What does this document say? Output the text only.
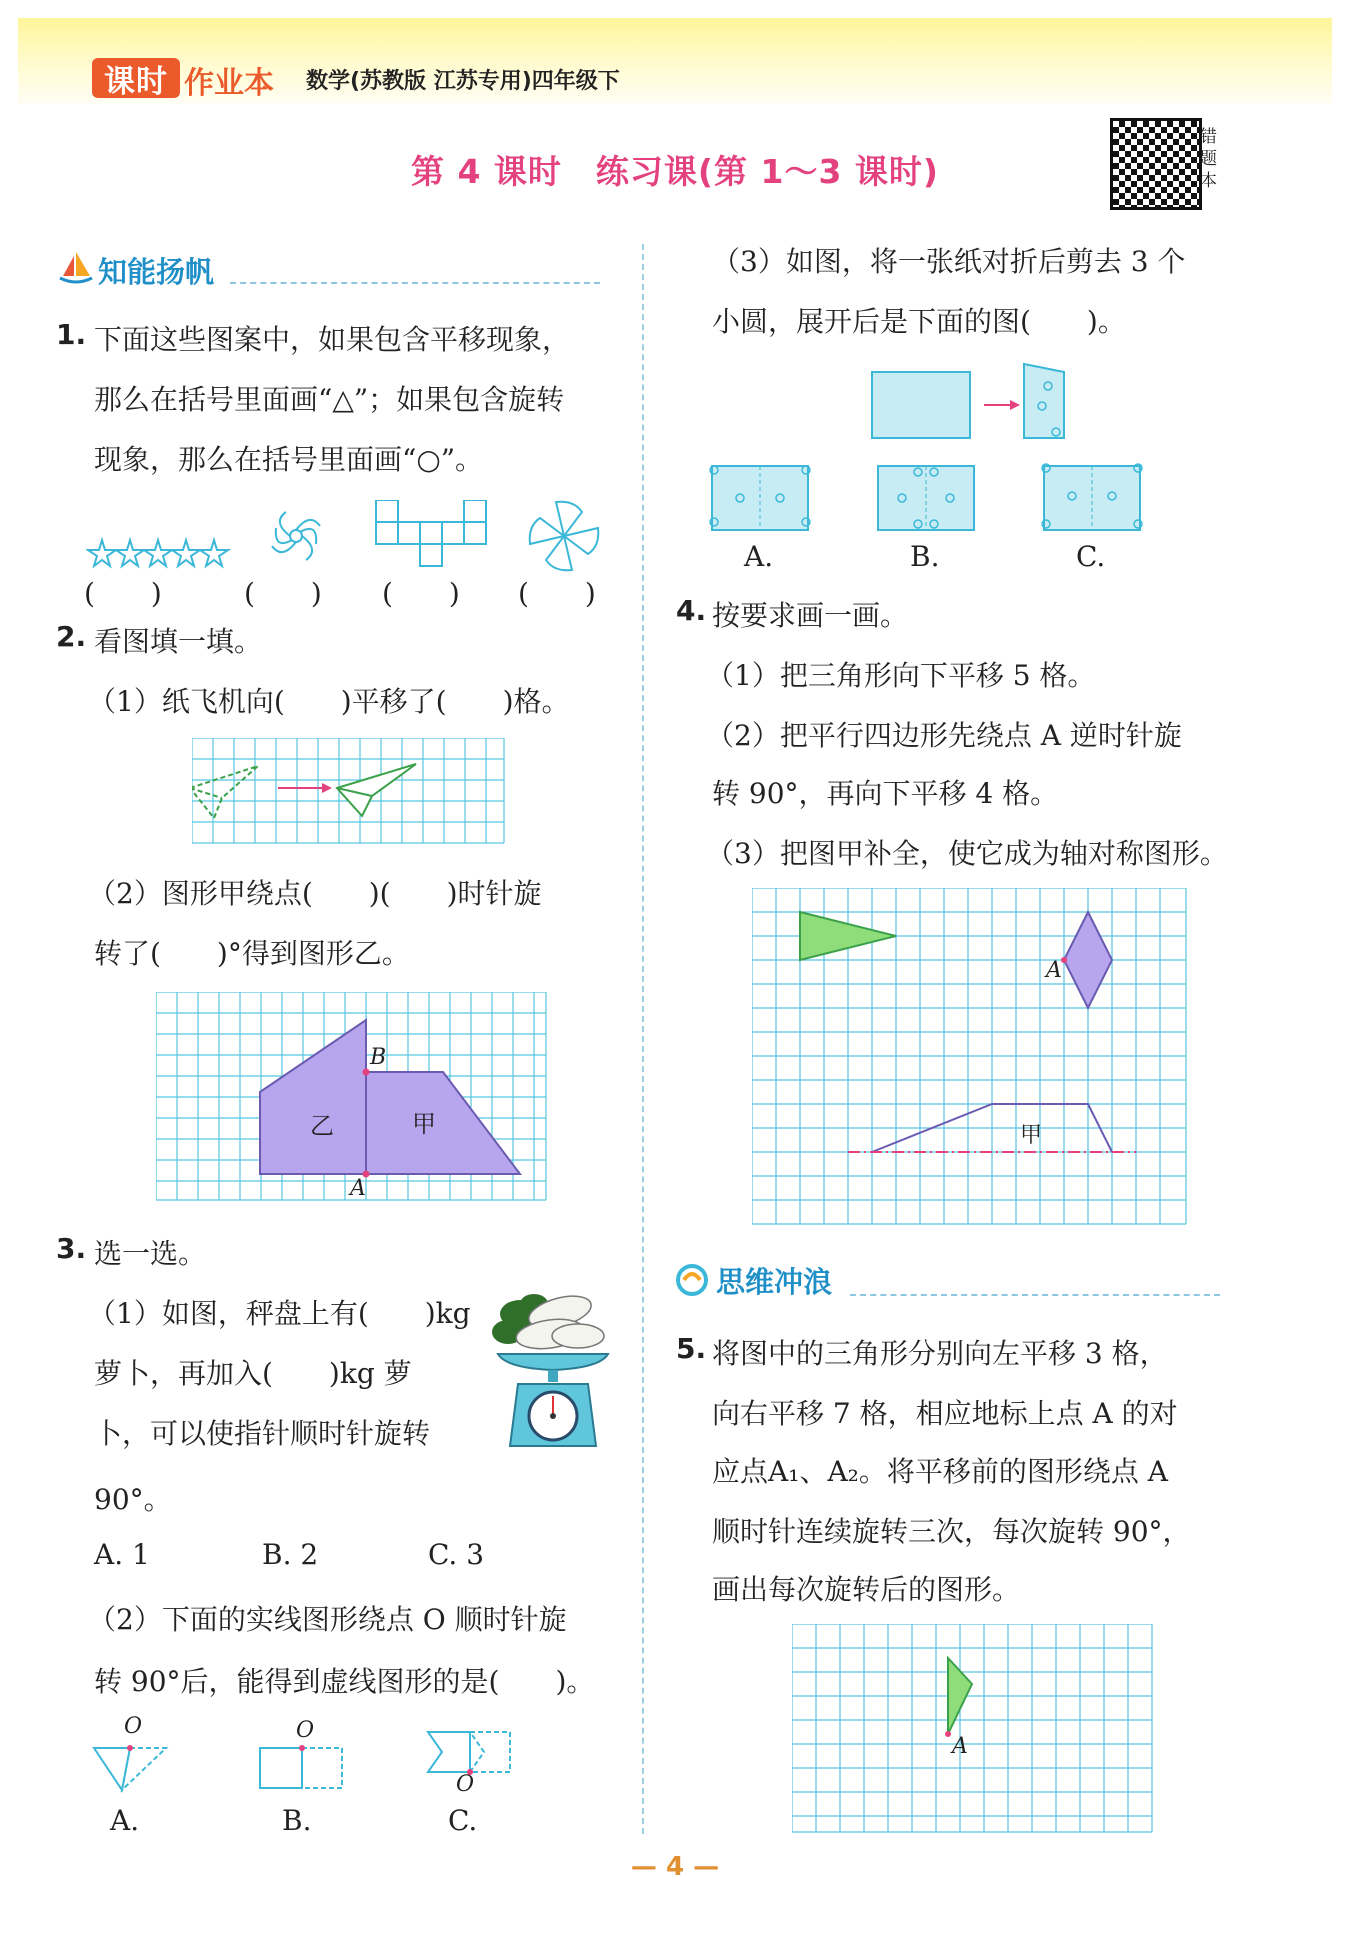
课时 作业本 数学(苏教版 江苏专用)四年级下
第 4 课时　练习课(第 1～3 课时)
错题本
知能扬帆
1. 下面这些图案中，如果包含平移现象，
那么在括号里面画“△”；如果包含旋转
现象，那么在括号里面画“○”。
(　　)	(　　) (　　) (　　)
2. 看图填一填。
（1）纸飞机向(　　)平移了(　　)格。
（2）图形甲绕点(　　)(　　)时针旋
转了(　　)°得到图形乙。
B
A
乙	甲
3. 选一选。
（1）如图，秤盘上有(　　)kg
萝卜，再加入(　　)kg 萝
卜，可以使指针顺时针旋转
90°。
A. 1	B. 2	C. 3
（2）下面的实线图形绕点 O 顺时针旋
转 90°后，能得到虚线图形的是(　　)。
O	O
O
A.	B.	C.
（3）如图，将一张纸对折后剪去 3 个
小圆，展开后是下面的图(　　)。
A.	B.	C.
4. 按要求画一画。
（1）把三角形向下平移 5 格。
（2）把平行四边形先绕点 A 逆时针旋
转 90°，再向下平移 4 格。
（3）把图甲补全，使它成为轴对称图形。
A
甲
思维冲浪
5. 将图中的三角形分别向左平移 3 格，
向右平移 7 格，相应地标上点 A 的对
应点A₁、A₂。将平移前的图形绕点 A
顺时针连续旋转三次，每次旋转 90°，
画出每次旋转后的图形。
A
— 4 —
